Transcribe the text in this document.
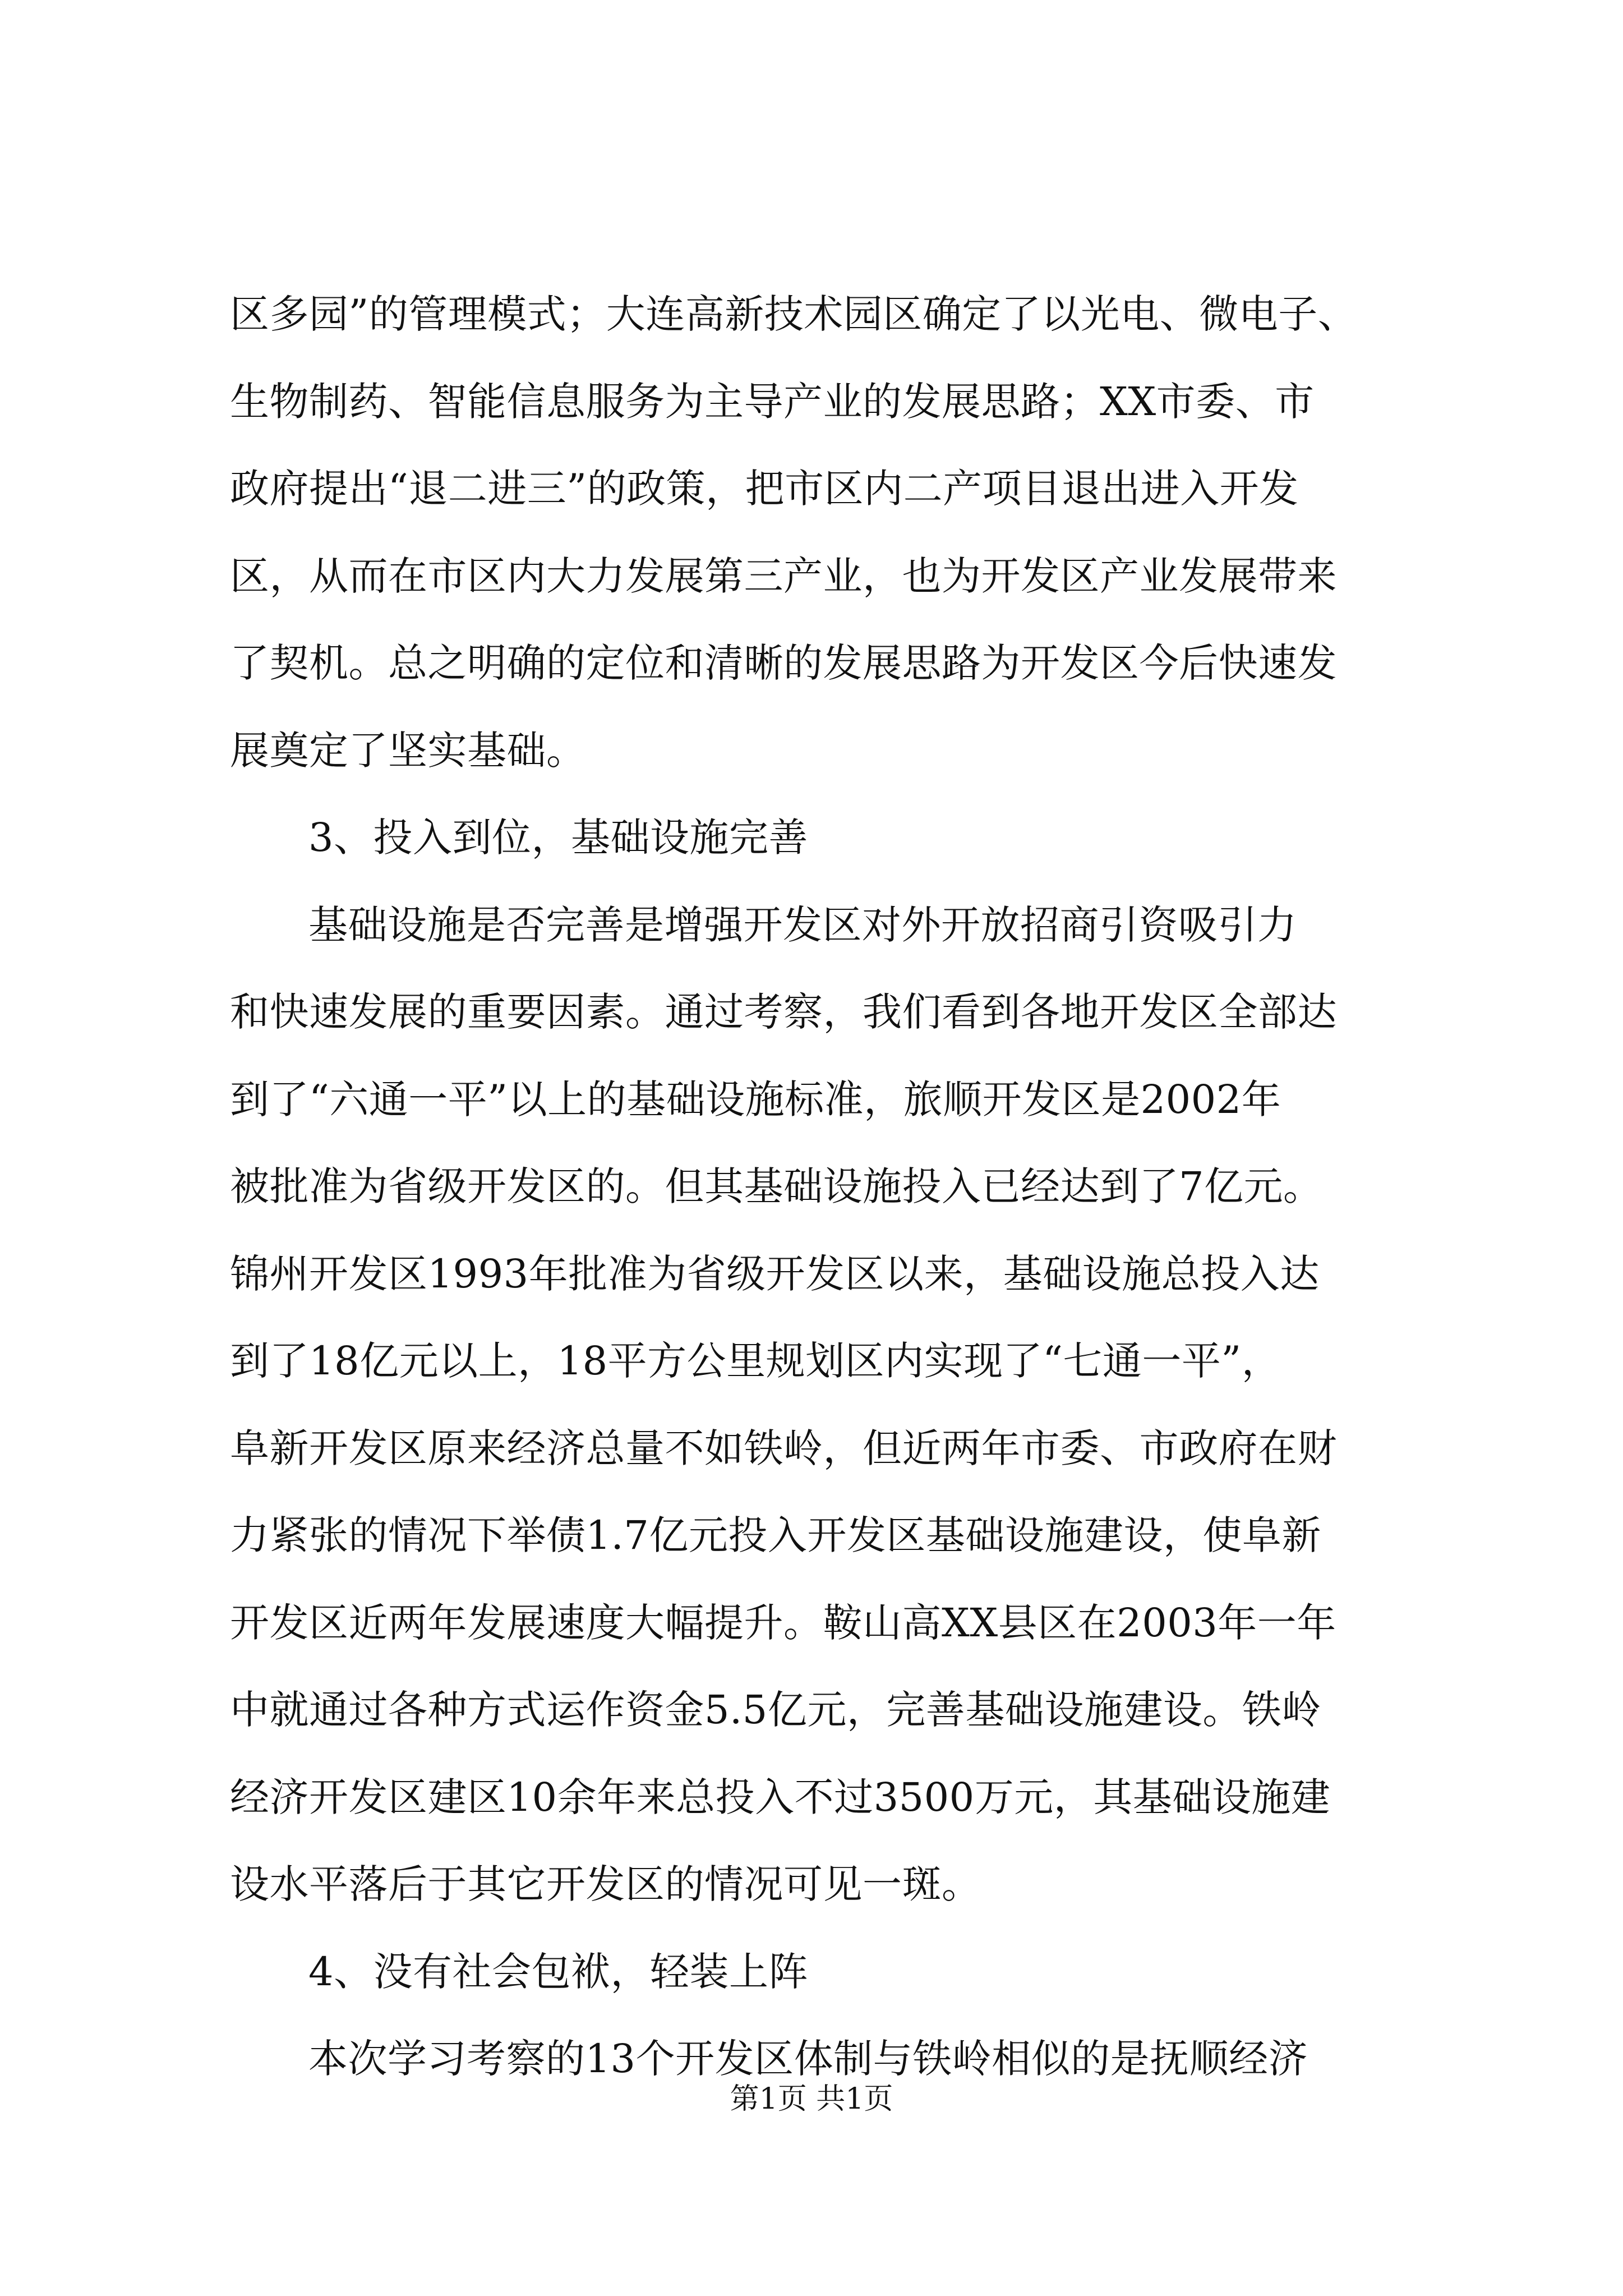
区多园”的管理模式；大连高新技术园区确定了以光电、微电子、
生物制药、智能信息服务为主导产业的发展思路；XX市委、市
政府提出“退二进三”的政策，把市区内二产项目退出进入开发
区，从而在市区内大力发展第三产业，也为开发区产业发展带来
了契机。总之明确的定位和清晰的发展思路为开发区今后快速发
展奠定了坚实基础。
3、投入到位，基础设施完善
基础设施是否完善是增强开发区对外开放招商引资吸引力
和快速发展的重要因素。通过考察，我们看到各地开发区全部达
到了“六通一平”以上的基础设施标准，旅顺开发区是2002年
被批准为省级开发区的。但其基础设施投入已经达到了7亿元。
锦州开发区1993年批准为省级开发区以来，基础设施总投入达
到了18亿元以上，18平方公里规划区内实现了“七通一平”，
阜新开发区原来经济总量不如铁岭，但近两年市委、市政府在财
力紧张的情况下举债1.7亿元投入开发区基础设施建设，使阜新
开发区近两年发展速度大幅提升。鞍山高XX县区在2003年一年
中就通过各种方式运作资金5.5亿元，完善基础设施建设。铁岭
经济开发区建区10余年来总投入不过3500万元，其基础设施建
设水平落后于其它开发区的情况可见一斑。
4、没有社会包袱，轻装上阵
本次学习考察的13个开发区体制与铁岭相似的是抚顺经济
第1页 共1页
